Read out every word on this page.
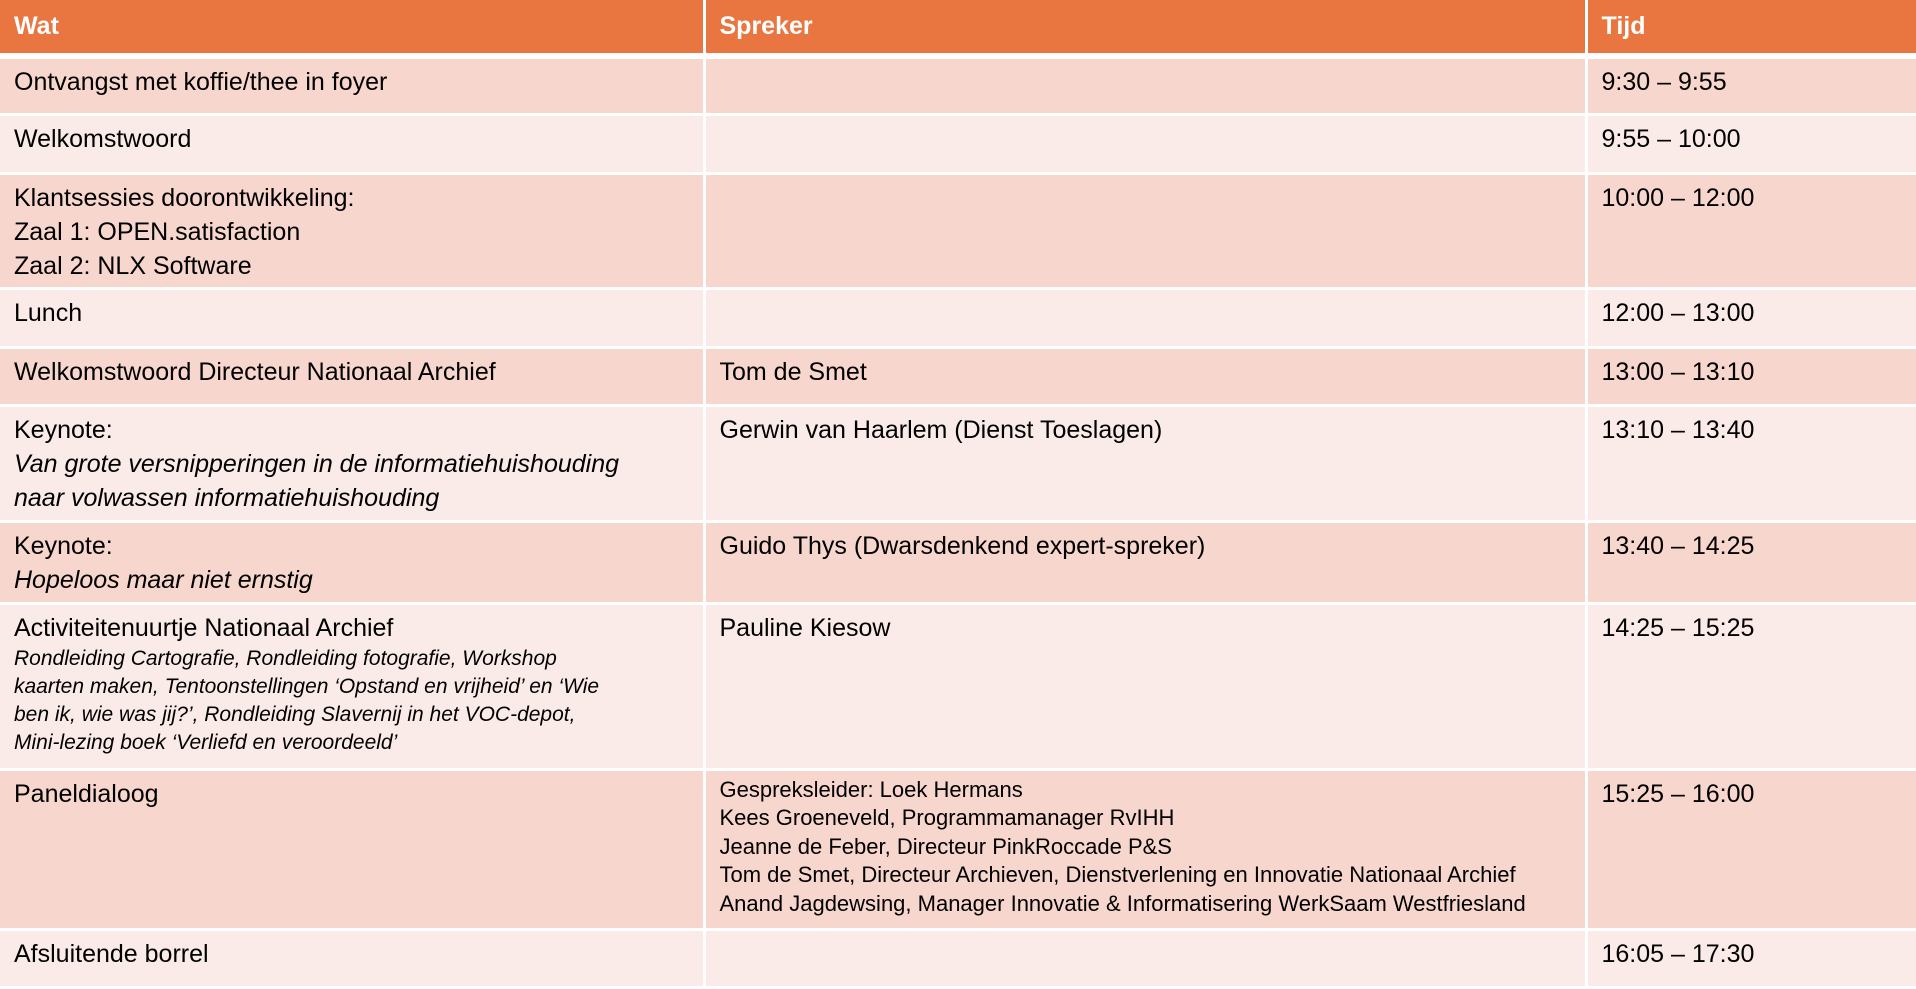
Wat	Spreker	Tijd

Ontvangst met koffie/thee in foyer		9:30 – 9:55

Welkomstwoord		9:55 – 10:00

Klantsessies doorontwikkeling:
Zaal 1: OPEN.satisfaction
Zaal 2: NLX Software		10:00 – 12:00

Lunch		12:00 – 13:00

Welkomstwoord Directeur Nationaal Archief	Tom de Smet	13:00 – 13:10

Keynote:
Van grote versnipperingen in de informatiehuishouding
naar volwassen informatiehuishouding	Gerwin van Haarlem (Dienst Toeslagen)	13:10 – 13:40

Keynote:
Hopeloos maar niet ernstig	Guido Thys (Dwarsdenkend expert-spreker)	13:40 – 14:25

Activiteitenuurtje Nationaal Archief
Rondleiding Cartografie, Rondleiding fotografie, Workshop
kaarten maken, Tentoonstellingen ‘Opstand en vrijheid’ en ‘Wie
ben ik, wie was jij?’, Rondleiding Slavernij in het VOC-depot,
Mini-lezing boek ‘Verliefd en veroordeeld’	Pauline Kiesow	14:25 – 15:25

Paneldialoog	Gespreksleider: Loek Hermans
Kees Groeneveld, Programmamanager RvIHH
Jeanne de Feber, Directeur PinkRoccade P&S
Tom de Smet, Directeur Archieven, Dienstverlening en Innovatie Nationaal Archief
Anand Jagdewsing, Manager Innovatie & Informatisering WerkSaam Westfriesland	15:25 – 16:00

Afsluitende borrel		16:05 – 17:30
